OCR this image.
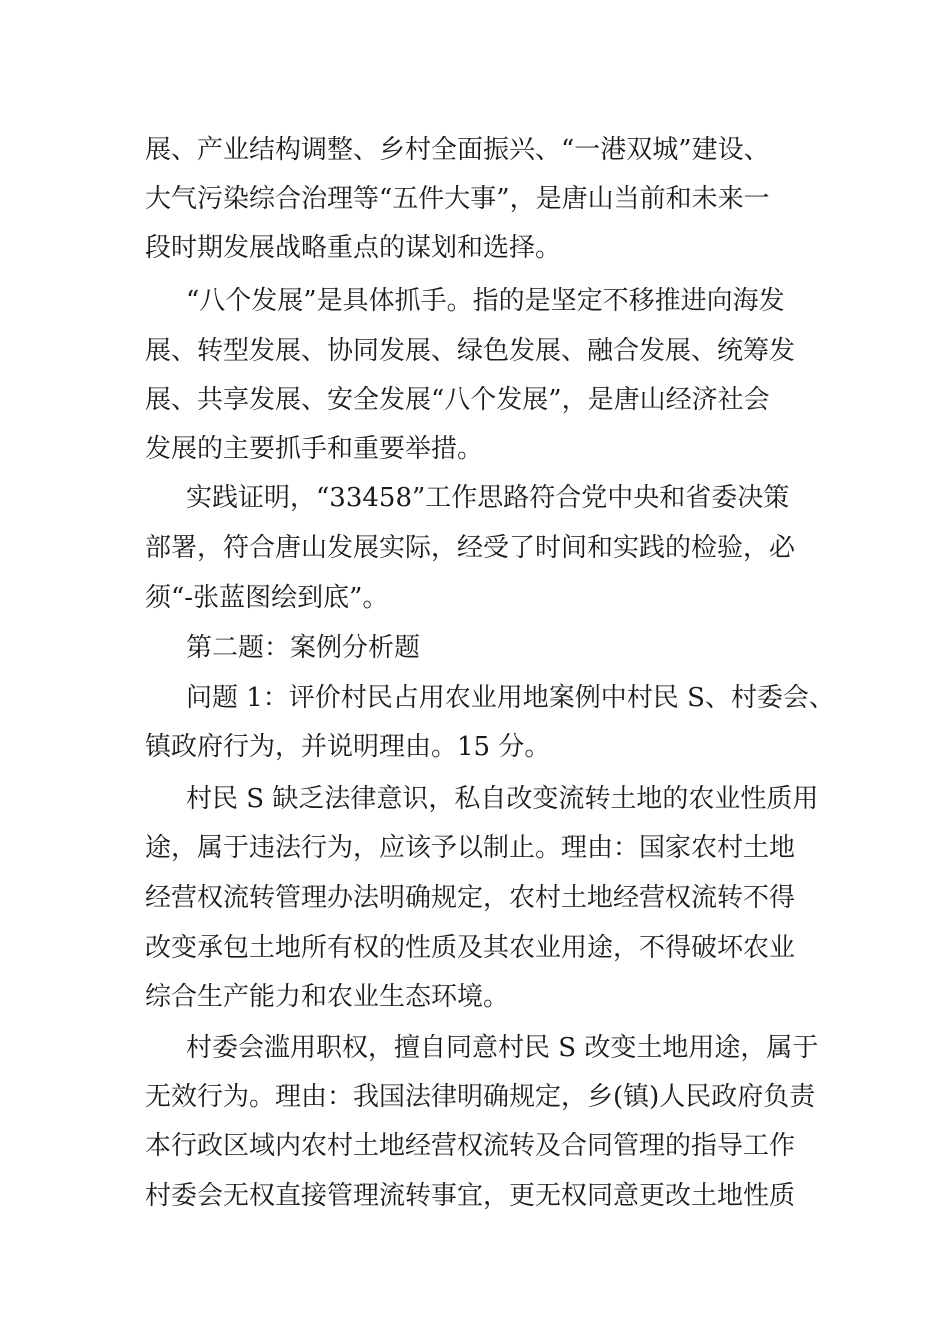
展、产业结构调整、乡村全面振兴、“一港双城”建设、
大气污染综合治理等“五件大事”，是唐山当前和未来一
段时期发展战略重点的谋划和选择。
“八个发展”是具体抓手。指的是坚定不移推进向海发
展、转型发展、协同发展、绿色发展、融合发展、统筹发
展、共享发展、安全发展“八个发展”，是唐山经济社会
发展的主要抓手和重要举措。
实践证明，“33458”工作思路符合党中央和省委决策
部署，符合唐山发展实际，经受了时间和实践的检验，必
须“-张蓝图绘到底”。
第二题：案例分析题
问题 1：评价村民占用农业用地案例中村民 S、村委会、
镇政府行为，并说明理由。15 分。
村民 S 缺乏法律意识，私自改变流转土地的农业性质用
途，属于违法行为，应该予以制止。理由：国家农村土地
经营权流转管理办法明确规定，农村土地经营权流转不得
改变承包土地所有权的性质及其农业用途，不得破坏农业
综合生产能力和农业生态环境。
村委会滥用职权，擅自同意村民 S 改变土地用途，属于
无效行为。理由：我国法律明确规定，乡(镇)人民政府负责
本行政区域内农村土地经营权流转及合同管理的指导工作
村委会无权直接管理流转事宜，更无权同意更改土地性质
